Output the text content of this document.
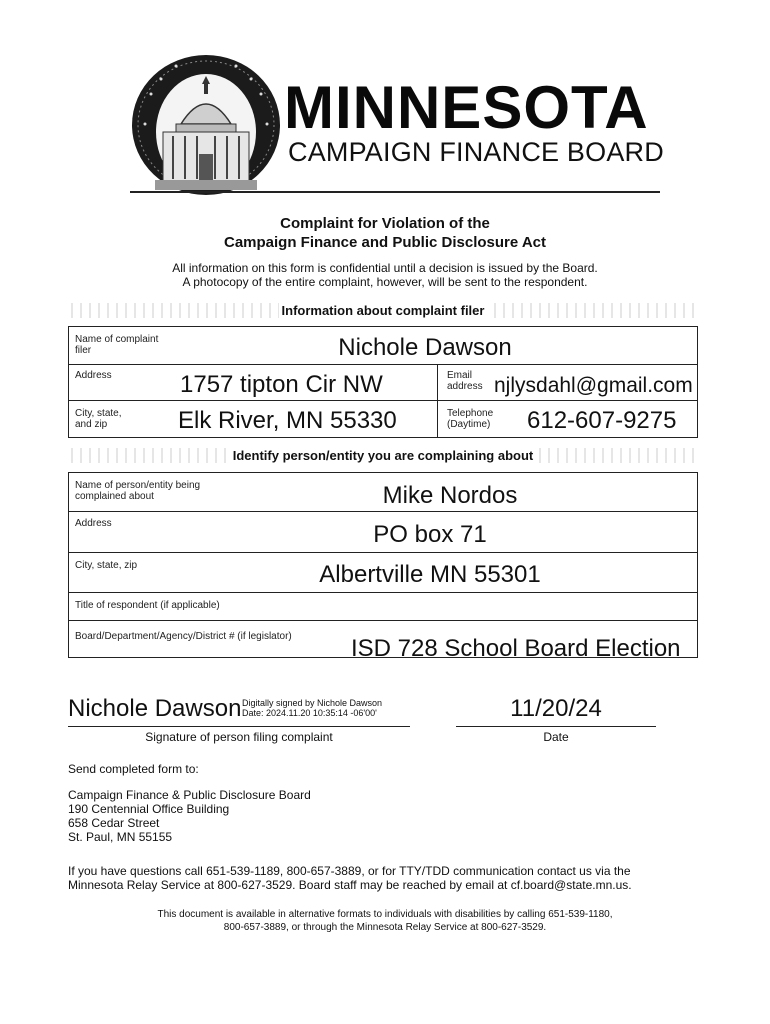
MINNESOTA
CAMPAIGN FINANCE BOARD
Complaint for Violation of the
Campaign Finance and Public Disclosure Act
All information on this form is confidential until a decision is issued by the Board.
A photocopy of the entire complaint, however, will be sent to the respondent.
Information about complaint filer
Name of complaint filer	Nichole Dawson
Address	1757 tipton Cir NW	Email address njlysdahl@gmail.com
City, state, and zip	Elk River, MN 55330	Telephone (Daytime)	612-607-9275
Identify person/entity you are complaining about
Name of person/entity being complained about	Mike Nordos
Address	PO box 71
City, state, zip	Albertville MN 55301
Title of respondent (if applicable)
Board/Department/Agency/District # (if legislator) ISD 728 School Board Election
Nichole Dawson Digitally signed by Nichole Dawson
Date: 2024.11.20 10:35:14 -06'00'	11/20/24
Signature of person filing complaint	Date
Send completed form to:
Campaign Finance & Public Disclosure Board
190 Centennial Office Building
658 Cedar Street
St. Paul, MN 55155
If you have questions call 651-539-1189, 800-657-3889, or for TTY/TDD communication contact us via the
Minnesota Relay Service at 800-627-3529. Board staff may be reached by email at cf.board@state.mn.us.
This document is available in alternative formats to individuals with disabilities by calling 651-539-1180,
800-657-3889, or through the Minnesota Relay Service at 800-627-3529.
